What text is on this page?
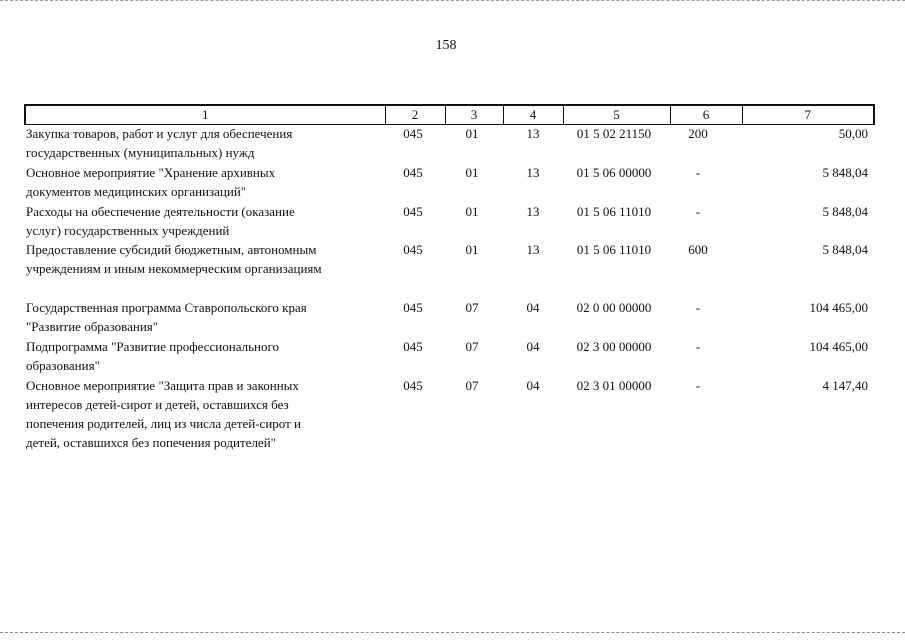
158
1	2	3	4	5	6	7
Закупка товаров, работ и услуг для обеспечения
государственных (муниципальных) нужд
045	01	13	01 5 02 21150	200	50,00
Основное мероприятие "Хранение архивных
документов медицинских организаций"
045	01	13	01 5 06 00000	-	5 848,04
Расходы на обеспечение деятельности (оказание
услуг) государственных учреждений
045	01	13	01 5 06 11010	-	5 848,04
Предоставление субсидий бюджетным, автономным
учреждениям и иным некоммерческим организациям
045	01	13	01 5 06 11010	600	5 848,04
Государственная программа Ставропольского края
"Развитие образования"
045	07	04	02 0 00 00000	-	104 465,00
Подпрограмма "Развитие профессионального
образования"
045	07	04	02 3 00 00000	-	104 465,00
Основное мероприятие "Защита прав и законных
интересов детей-сирот и детей, оставшихся без
попечения родителей, лиц из числа детей-сирот и
детей, оставшихся без попечения родителей"
045	07	04	02 3 01 00000	-	4 147,40
